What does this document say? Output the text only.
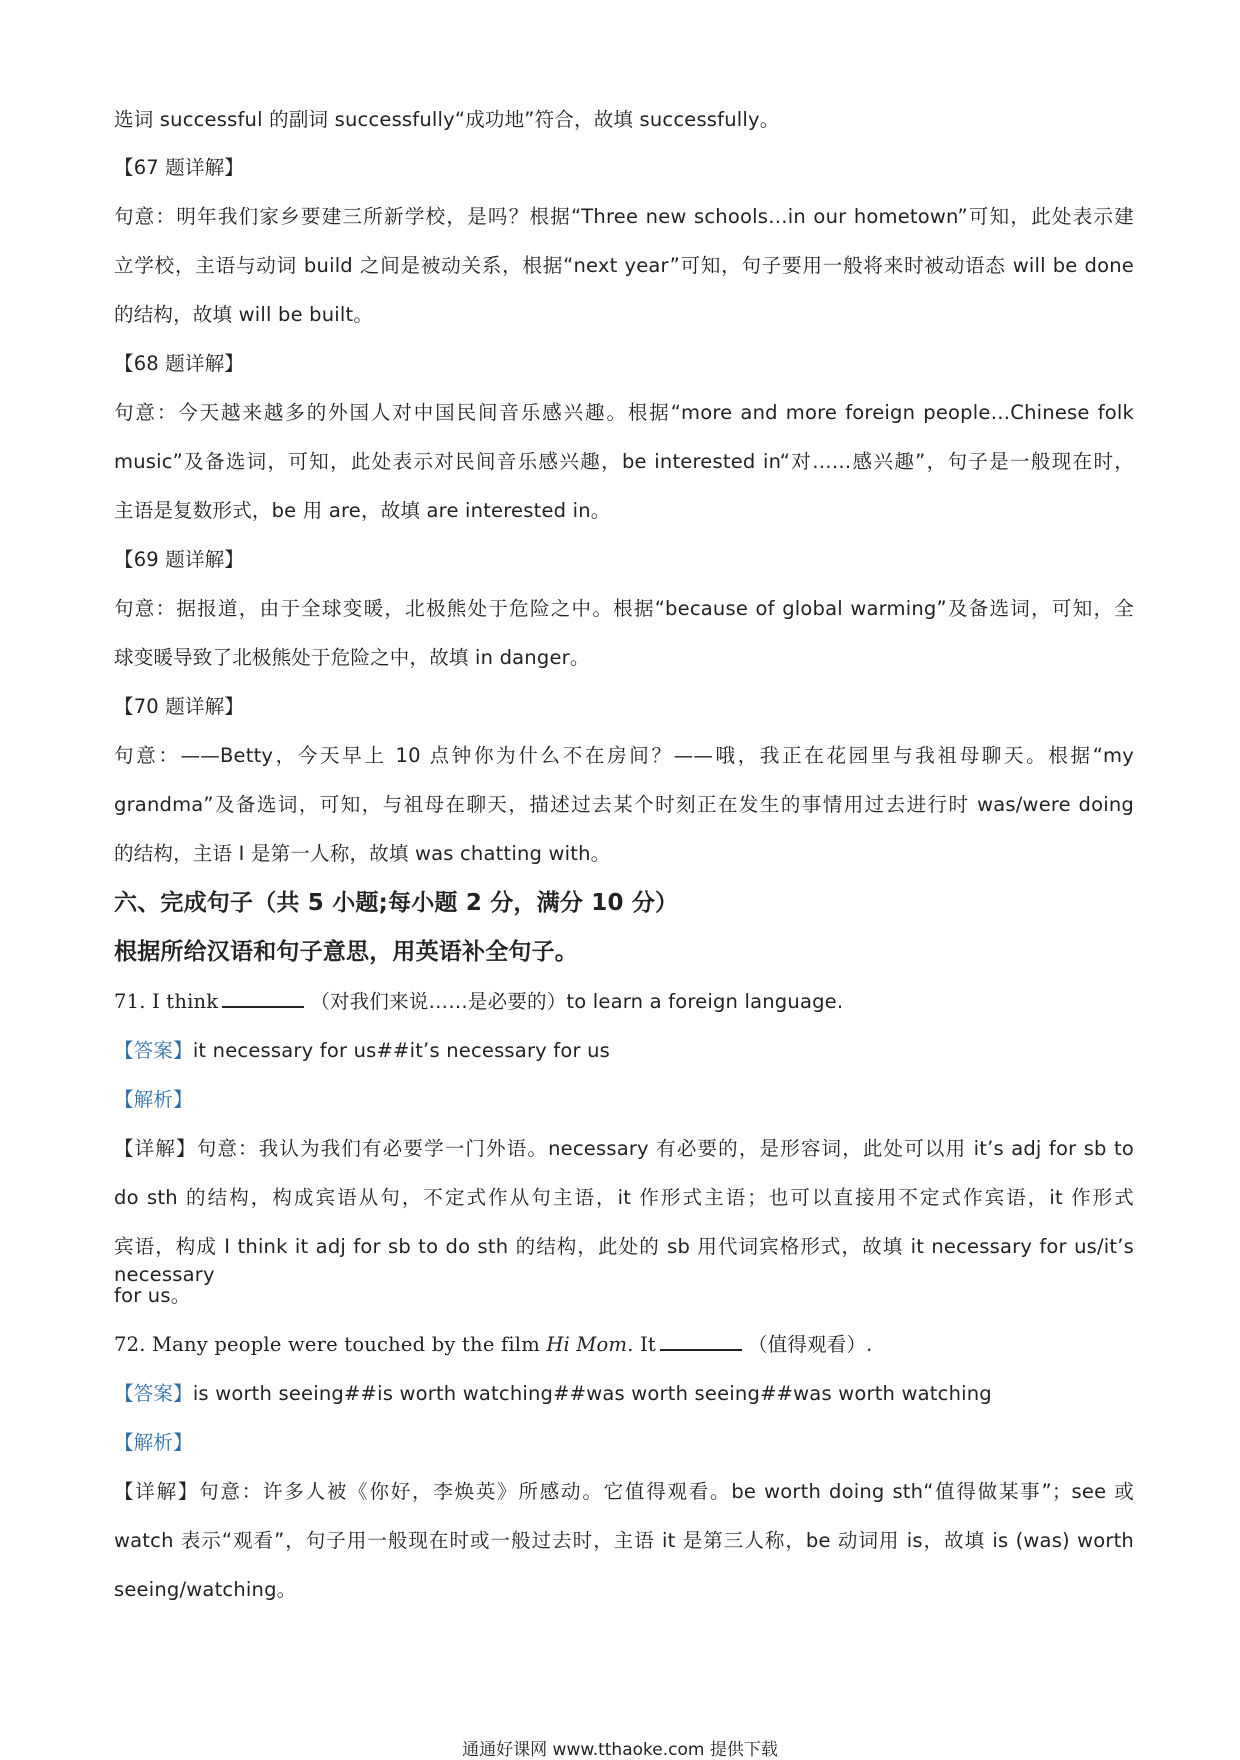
选词 successful 的副词 successfully“成功地”符合，故填 successfully。
【67 题详解】
句意：明年我们家乡要建三所新学校，是吗？根据“Three new schools…in our hometown”可知，此处表示建
立学校，主语与动词 build 之间是被动关系，根据“next year”可知，句子要用一般将来时被动语态 will be done
的结构，故填 will be built。
【68 题详解】
句意：今天越来越多的外国人对中国民间音乐感兴趣。根据“more and more foreign people…Chinese folk
music”及备选词，可知，此处表示对民间音乐感兴趣，be interested in“对……感兴趣”，句子是一般现在时，
主语是复数形式，be 用 are，故填 are interested in。
【69 题详解】
句意：据报道，由于全球变暖，北极熊处于危险之中。根据“because of global warming”及备选词，可知，全
球变暖导致了北极熊处于危险之中，故填 in danger。
【70 题详解】
句意：——Betty，今天早上 10 点钟你为什么不在房间？——哦，我正在花园里与我祖母聊天。根据“my
grandma”及备选词，可知，与祖母在聊天，描述过去某个时刻正在发生的事情用过去进行时 was/were doing
的结构，主语 I 是第一人称，故填 was chatting with。
六、完成句子（共 5 小题;每小题 2 分，满分 10 分）
根据所给汉语和句子意思，用英语补全句子。
71. I think	（对我们来说……是必要的）to learn a foreign language.
【答案】it necessary for us##it’s necessary for us
【解析】
【详解】句意：我认为我们有必要学一门外语。necessary 有必要的，是形容词，此处可以用 it’s adj for sb to
do sth 的结构，构成宾语从句，不定式作从句主语，it 作形式主语；也可以直接用不定式作宾语，it 作形式
宾语，构成 I think it adj for sb to do sth 的结构，此处的 sb 用代词宾格形式，故填 it necessary for us/it’s necessary
for us。
72. Many people were touched by the film Hi Mom. It	（值得观看）.
【答案】is worth seeing##is worth watching##was worth seeing##was worth watching
【解析】
【详解】句意：许多人被《你好，李焕英》所感动。它值得观看。be worth doing sth“值得做某事”；see 或
watch 表示“观看”，句子用一般现在时或一般过去时，主语 it 是第三人称，be 动词用 is，故填 is (was) worth
seeing/watching。
通通好课网 www.tthaoke.com 提供下载
